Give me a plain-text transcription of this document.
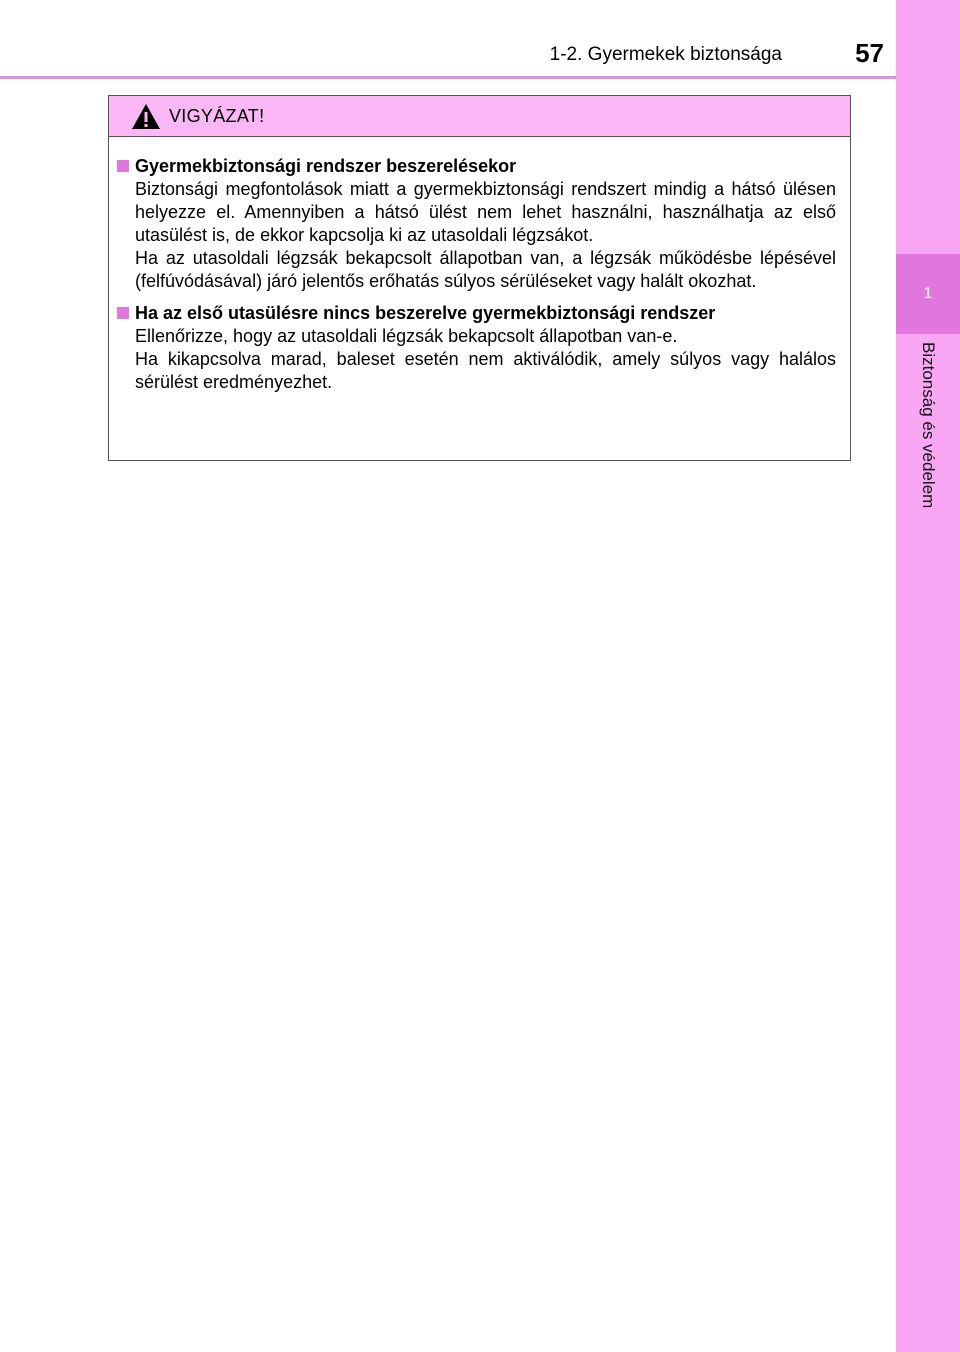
1-2. Gyermekek biztonsága	57
1
Biztonság és védelem
VIGYÁZAT!
Gyermekbiztonsági rendszer beszerelésekor

Biztonsági megfontolások miatt a gyermekbiztonsági rendszert mindig a hátsó ülésen helyezze el. Amennyiben a hátsó ülést nem lehet használni, használhatja az első utasülést is, de ekkor kapcsolja ki az utasoldali légzsákot.

Ha az utasoldali légzsák bekapcsolt állapotban van, a légzsák működésbe lépésével (felfúvódásával) járó jelentős erőhatás súlyos sérüléseket vagy halált okozhat.

Ha az első utasülésre nincs beszerelve gyermekbiztonsági rendszer

Ellenőrizze, hogy az utasoldali légzsák bekapcsolt állapotban van-e.

Ha kikapcsolva marad, baleset esetén nem aktiválódik, amely súlyos vagy halálos sérülést eredményezhet.
